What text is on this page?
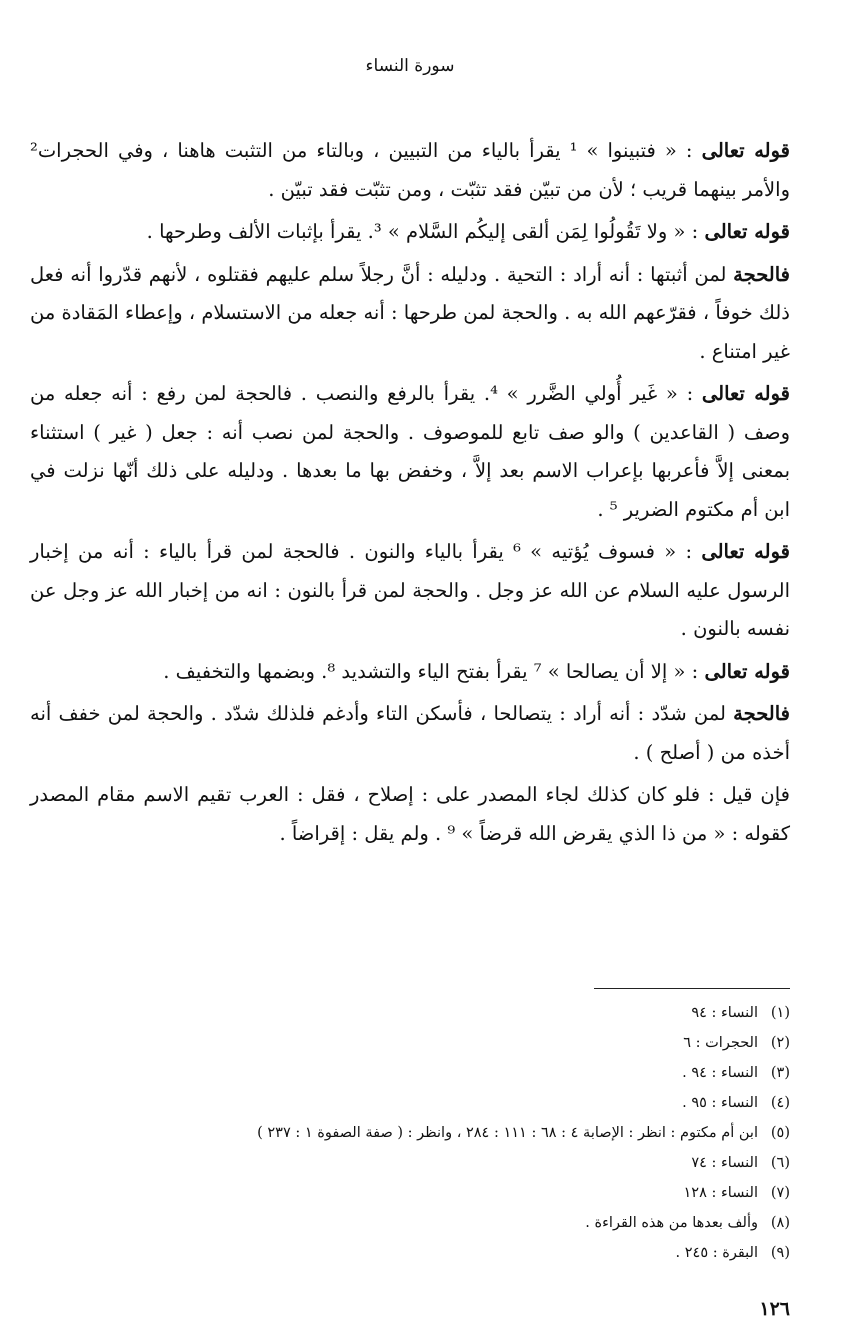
سورة النساء

قوله تعالى : « فتبينوا » ¹ يقرأ بالياء من التبيين ، وبالتاء من التثبت هاهنا ، وفي الحجرات² والأمر بينهما قريب ؛ لأن من تبيّن فقد تثبّت ، ومن تثبّت فقد تبيّن .

قوله تعالى : « ولا تَقُولُوا لِمَن ألقى إليكُم السَّلام » ³. يقرأ بإثبات الألف وطرحها .

فالحجة لمن أثبتها : أنه أراد : التحية . ودليله : أنَّ رجلاً سلم عليهم فقتلوه ، لأنهم قدّروا أنه فعل ذلك خوفاً ، فقرّعهم الله به . والحجة لمن طرحها : أنه جعله من الاستسلام ، وإعطاء المَقادة من غير امتناع .

قوله تعالى : « غَير أُولي الضَّرر » ⁴. يقرأ بالرفع والنصب . فالحجة لمن رفع : أنه جعله من وصف ( القاعدين ) والو صف تابع للموصوف . والحجة لمن نصب أنه : جعل ( غير ) استثناء بمعنى إلاَّ فأعربها بإعراب الاسم بعد إلاَّ ، وخفض بها ما بعدها . ودليله على ذلك أنّها نزلت في ابن أم مكتوم الضرير ⁵ .

قوله تعالى : « فسوف يُؤتيه » ⁶ يقرأ بالياء والنون . فالحجة لمن قرأ بالياء : أنه من إخبار الرسول عليه السلام عن الله عز وجل . والحجة لمن قرأ بالنون : انه من إخبار الله عز وجل عن نفسه بالنون .

قوله تعالى : « إلا أن يصالحا » ⁷ يقرأ بفتح الياء والتشديد ⁸. وبضمها والتخفيف .

فالحجة لمن شدّد : أنه أراد : يتصالحا ، فأسكن التاء وأدغم فلذلك شدّد . والحجة لمن خفف أنه أخذه من ( أصلح ) .

فإن قيل : فلو كان كذلك لجاء المصدر على : إصلاح ، فقل : العرب تقيم الاسم مقام المصدر كقوله : « من ذا الذي يقرض الله قرضاً » ⁹ . ولم يقل : إقراضاً .

(١)
النساء : ٩٤
(٢)
الحجرات : ٦
(٣)
النساء : ٩٤ .
(٤)
النساء : ٩٥ .
(٥)
ابن أم مكتوم : انظر : الإصابة ٤ : ٦٨ : ١١١ : ٢٨٤ ، وانظر : ( صفة الصفوة ١ : ٢٣٧ )
(٦)
النساء : ٧٤
(٧)
النساء : ١٢٨
(٨)
وألف بعدها من هذه القراءة .
(٩)
البقرة : ٢٤٥ .
١٢٦
